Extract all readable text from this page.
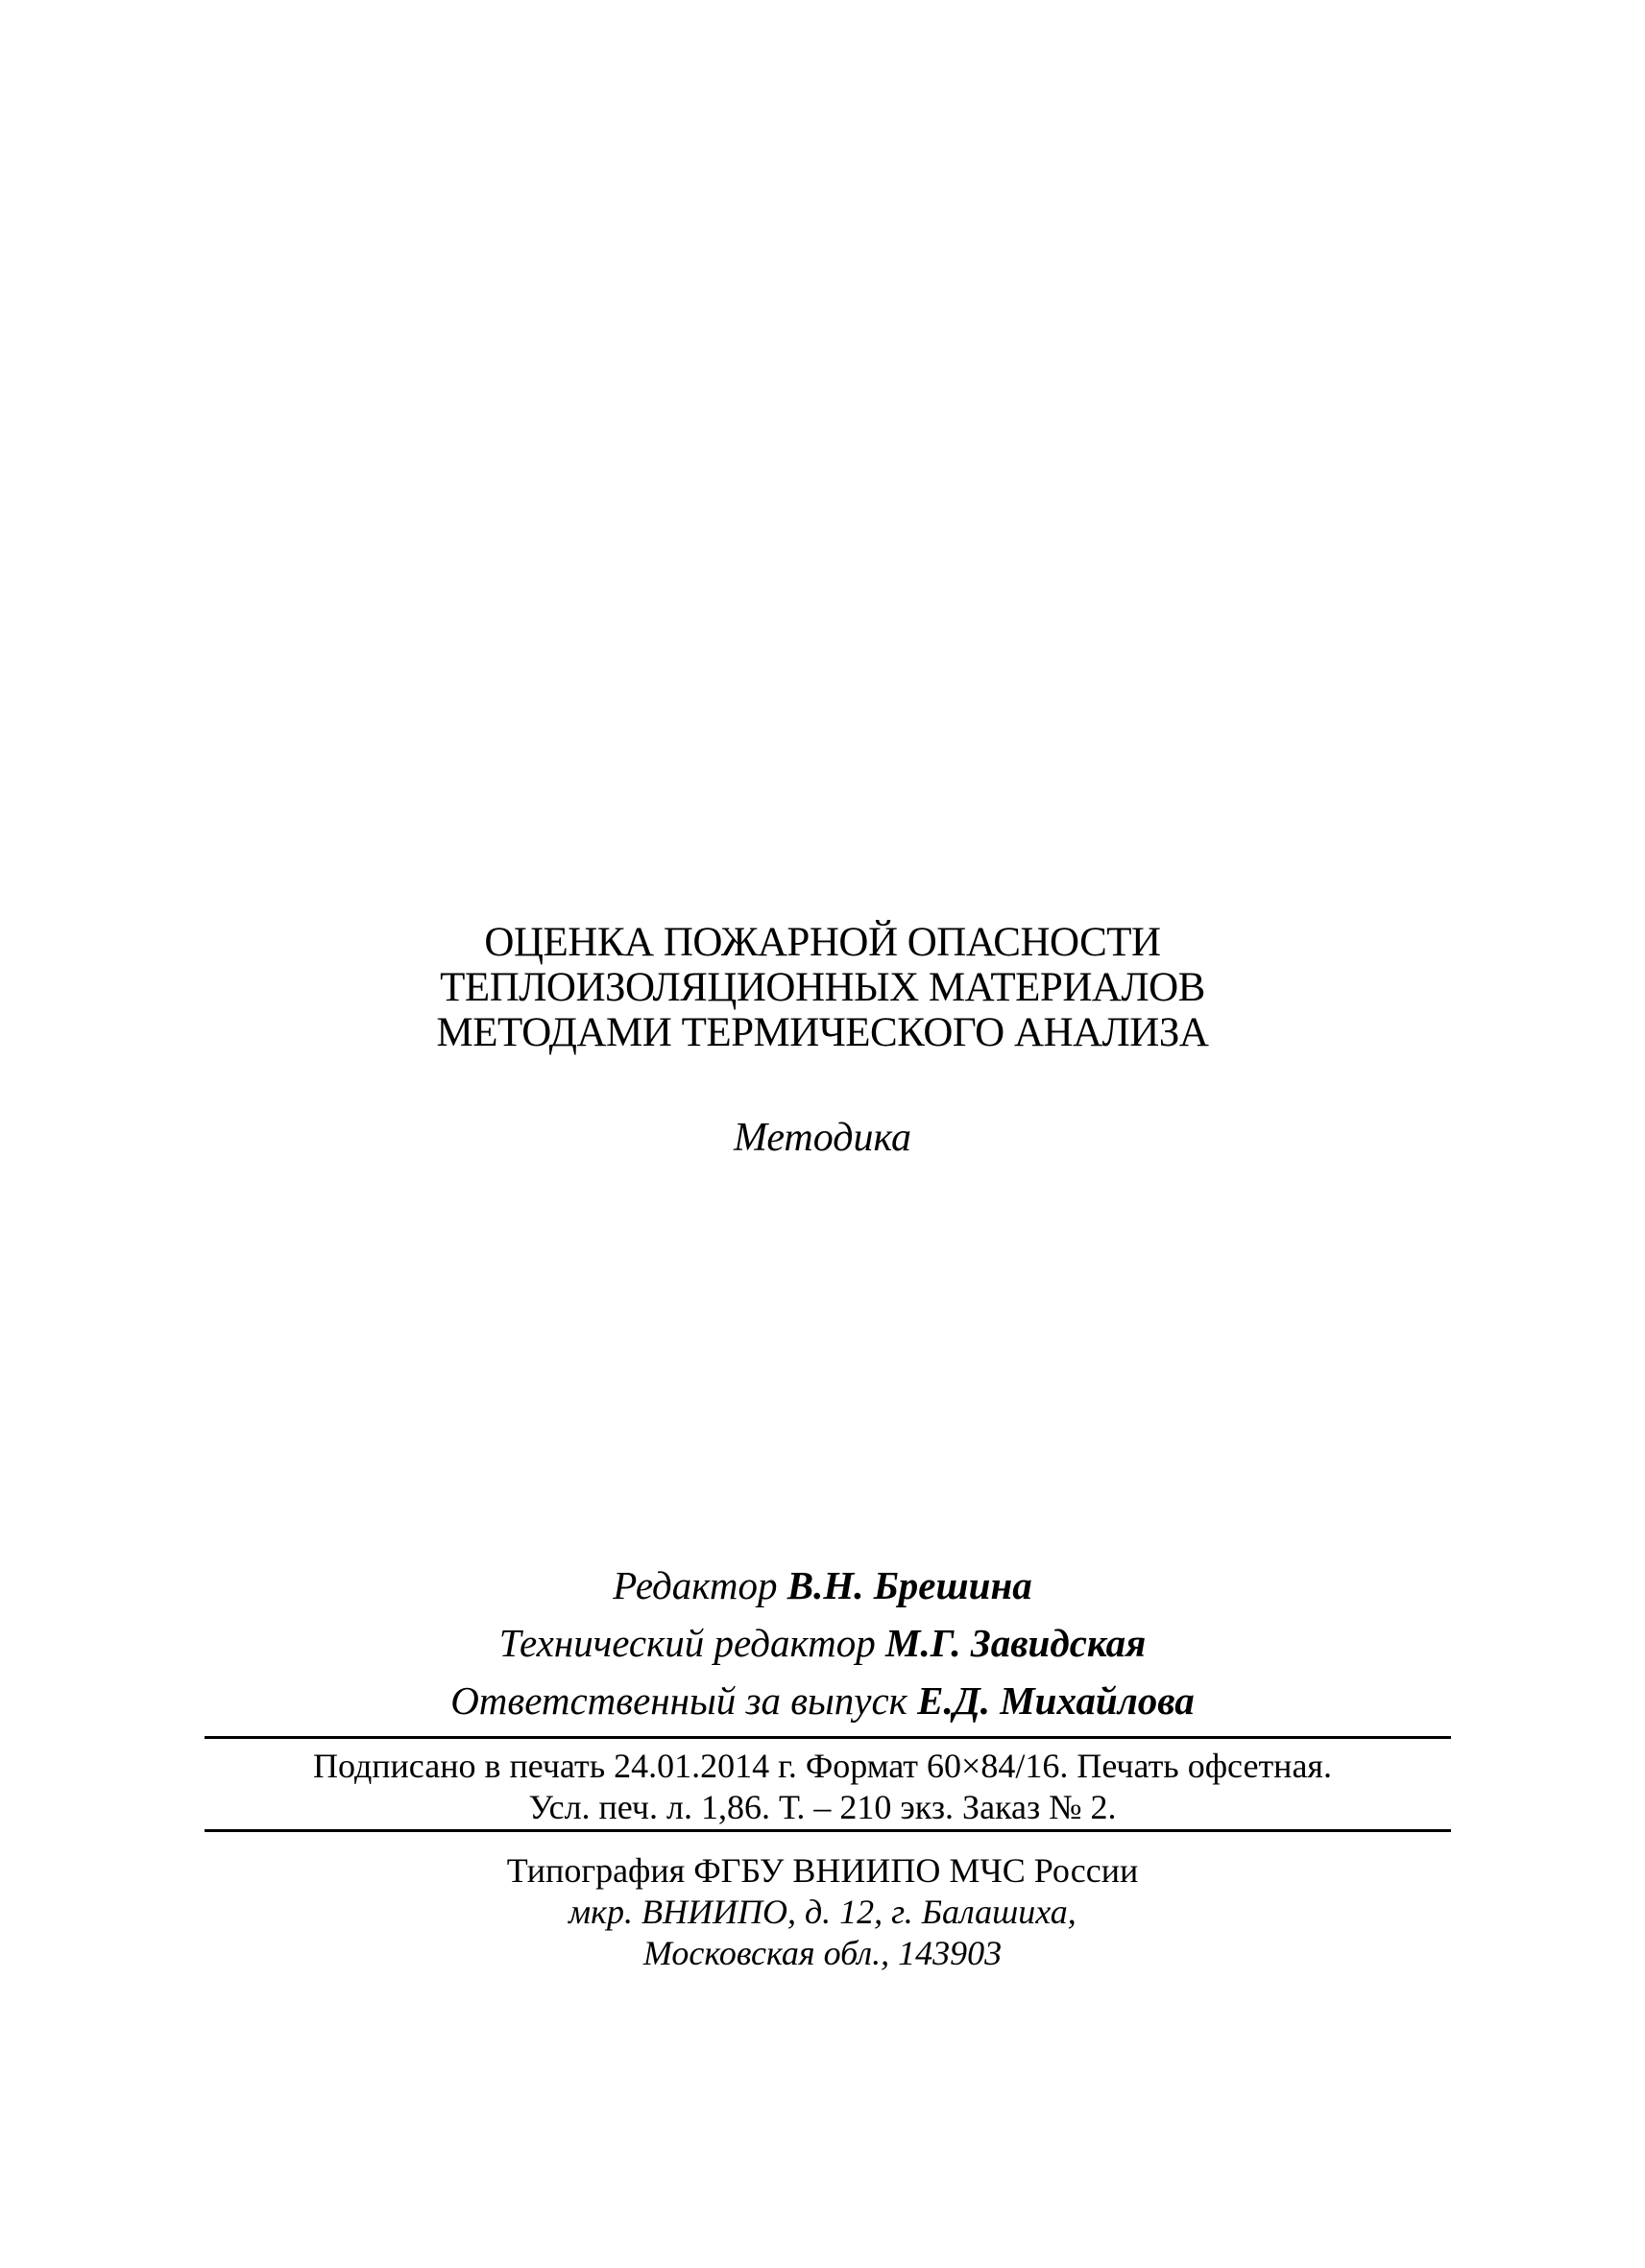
ОЦЕНКА ПОЖАРНОЙ ОПАСНОСТИ
ТЕПЛОИЗОЛЯЦИОННЫХ МАТЕРИАЛОВ
МЕТОДАМИ ТЕРМИЧЕСКОГО АНАЛИЗА
Методика
Редактор В.Н. Брешина
Технический редактор М.Г. Завидская
Ответственный за выпуск Е.Д. Михайлова
Подписано в печать 24.01.2014 г. Формат 60×84/16. Печать офсетная.
Усл. печ. л. 1,86. Т. – 210 экз. Заказ № 2.
Типография ФГБУ ВНИИПО МЧС России
мкр. ВНИИПО, д. 12, г. Балашиха,
Московская обл., 143903
